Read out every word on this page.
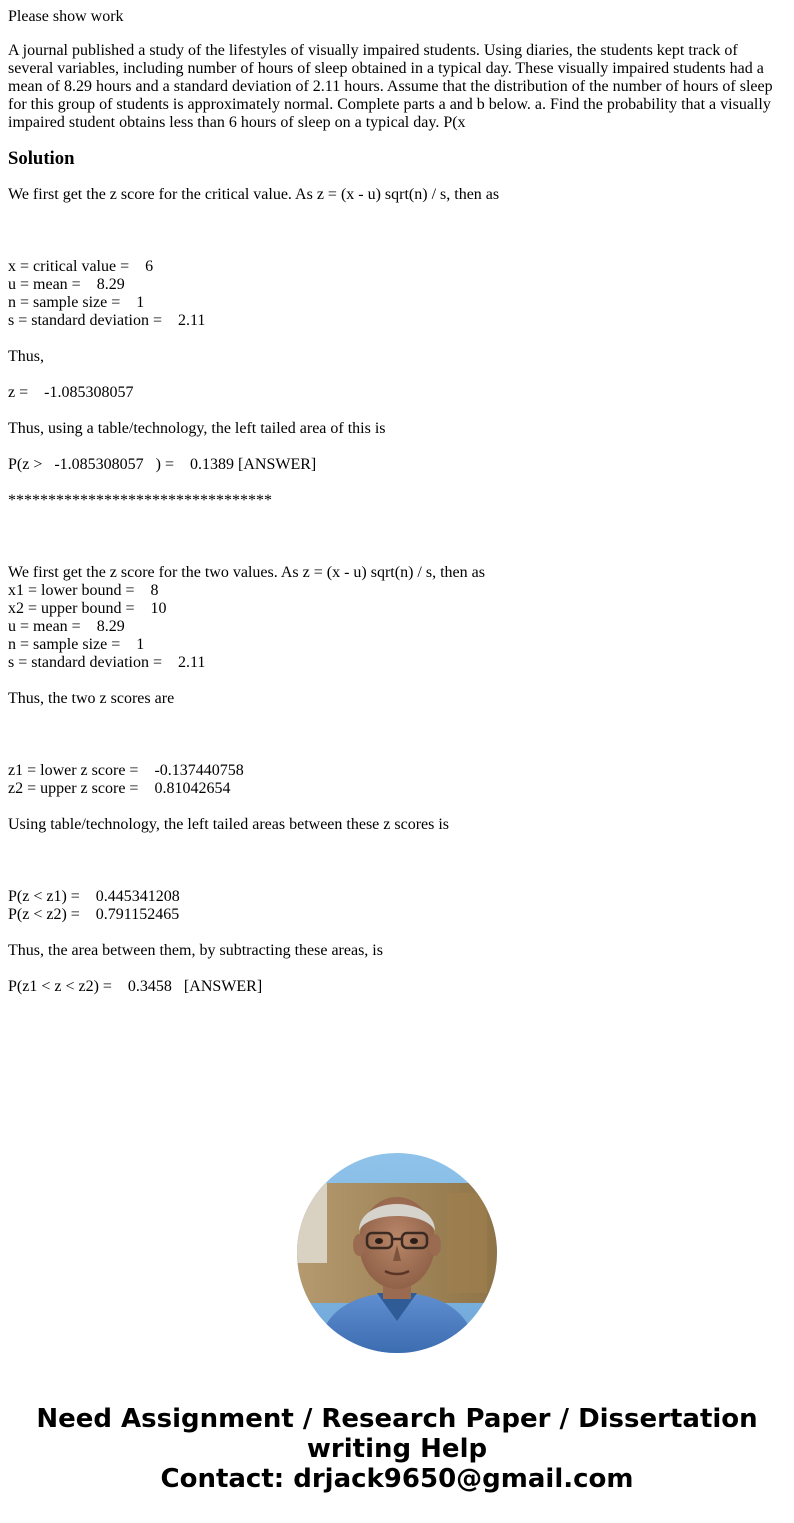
Please show work

A journal published a study of the lifestyles of visually impaired students. Using diaries, the students kept track of several variables, including number of hours of sleep obtained in a typical day. These visually impaired students had a mean of 8.29 hours and a standard deviation of 2.11 hours. Assume that the distribution of the number of hours of sleep for this group of students is approximately normal. Complete parts a and b below. a. Find the probability that a visually impaired student obtains less than 6 hours of sleep on a typical day. P(x

Solution

We first get the z score for the critical value. As z = (x - u) sqrt(n) / s, then as

x = critical value =    6
u = mean =    8.29
n = sample size =    1
s = standard deviation =    2.11

Thus,

z =    -1.085308057

Thus, using a table/technology, the left tailed area of this is

P(z >   -1.085308057   ) =    0.1389 [ANSWER]

*********************************

We first get the z score for the two values. As z = (x - u) sqrt(n) / s, then as
x1 = lower bound =    8
x2 = upper bound =    10
u = mean =    8.29
n = sample size =    1
s = standard deviation =    2.11

Thus, the two z scores are

z1 = lower z score =    -0.137440758
z2 = upper z score =    0.81042654

Using table/technology, the left tailed areas between these z scores is

P(z < z1) =    0.445341208
P(z < z2) =    0.791152465

Thus, the area between them, by subtracting these areas, is

P(z1 < z < z2) =    0.3458   [ANSWER]

Need Assignment / Research Paper / Dissertation
writing Help
Contact: drjack9650@gmail.com
